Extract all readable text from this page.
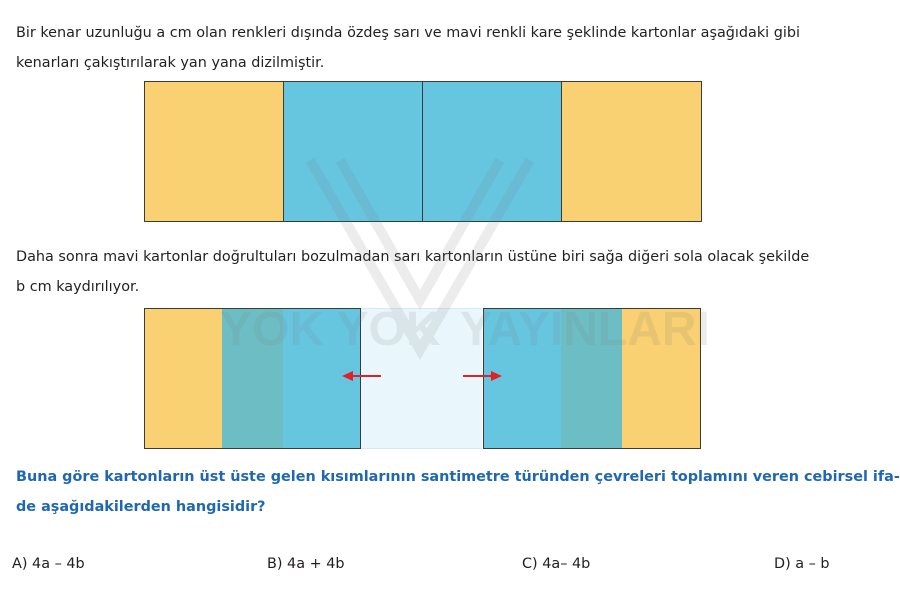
Bir kenar uzunluğu a cm olan renkleri dışında özdeş sarı ve mavi renkli kare şeklinde kartonlar aşağıdaki gibi
kenarları çakıştırılarak yan yana dizilmiştir.

Daha sonra mavi kartonlar doğrultuları bozulmadan sarı kartonların üstüne biri sağa diğeri sola olacak şekilde
b cm kaydırılıyor.

Buna göre kartonların üst üste gelen kısımlarının santimetre türünden çevreleri toplamını veren cebirsel ifa-
de aşağıdakilerden hangisidir?

A) 4a – 4b	B) 4a + 4b	C) 4a– 4b	D) a – b
